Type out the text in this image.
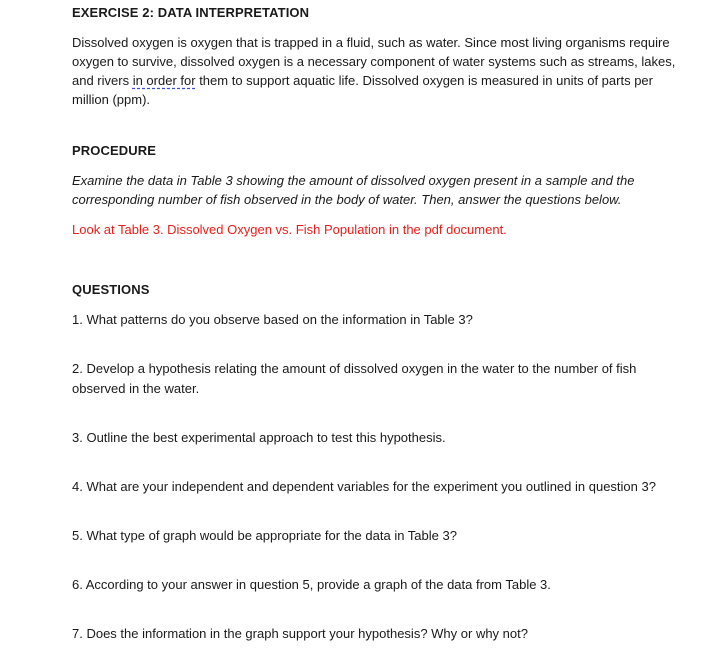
EXERCISE 2: DATA INTERPRETATION
Dissolved oxygen is oxygen that is trapped in a fluid, such as water. Since most living organisms require
oxygen to survive, dissolved oxygen is a necessary component of water systems such as streams, lakes,
and rivers in order for them to support aquatic life. Dissolved oxygen is measured in units of parts per
million (ppm).
PROCEDURE
Examine the data in Table 3 showing the amount of dissolved oxygen present in a sample and the
corresponding number of fish observed in the body of water. Then, answer the questions below.
Look at Table 3. Dissolved Oxygen vs. Fish Population in the pdf document.
QUESTIONS
1. What patterns do you observe based on the information in Table 3?
2. Develop a hypothesis relating the amount of dissolved oxygen in the water to the number of fish
observed in the water.
3. Outline the best experimental approach to test this hypothesis.
4. What are your independent and dependent variables for the experiment you outlined in question 3?
5. What type of graph would be appropriate for the data in Table 3?
6. According to your answer in question 5, provide a graph of the data from Table 3.
7. Does the information in the graph support your hypothesis? Why or why not?
